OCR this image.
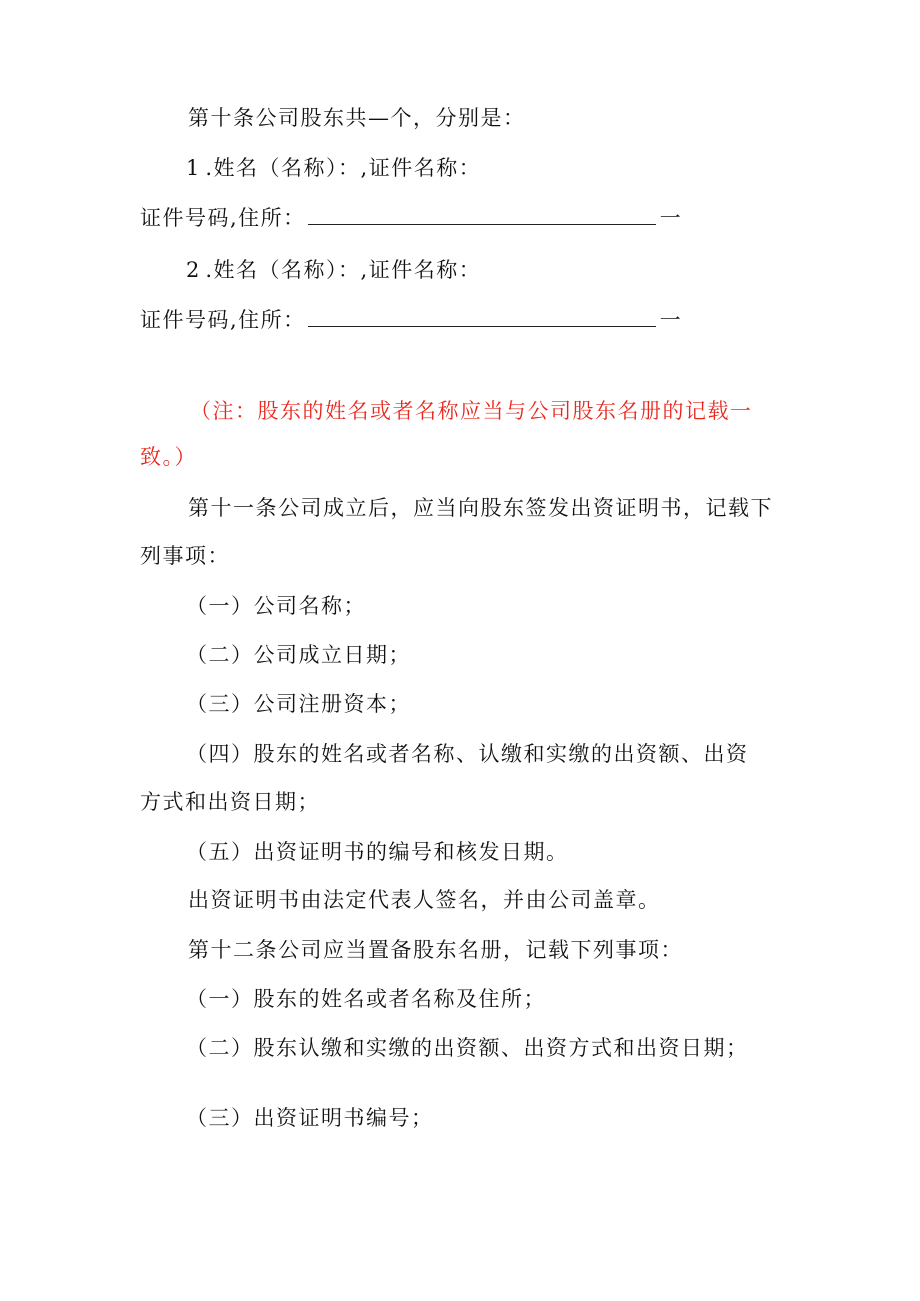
第十条公司股东共—个，分别是：
1.姓名（名称）：,证件名称：
证件号码,住所：	一
2.姓名（名称）：,证件名称：
证件号码,住所：	一
（注：股东的姓名或者名称应当与公司股东名册的记载一
致。）
第十一条公司成立后，应当向股东签发出资证明书，记载下
列事项：
（一）公司名称；
（二）公司成立日期；
（三）公司注册资本；
（四）股东的姓名或者名称、认缴和实缴的出资额、出资
方式和出资日期；
（五）出资证明书的编号和核发日期。
出资证明书由法定代表人签名，并由公司盖章。
第十二条公司应当置备股东名册，记载下列事项：
（一）股东的姓名或者名称及住所；
（二）股东认缴和实缴的出资额、出资方式和出资日期；
（三）出资证明书编号；
